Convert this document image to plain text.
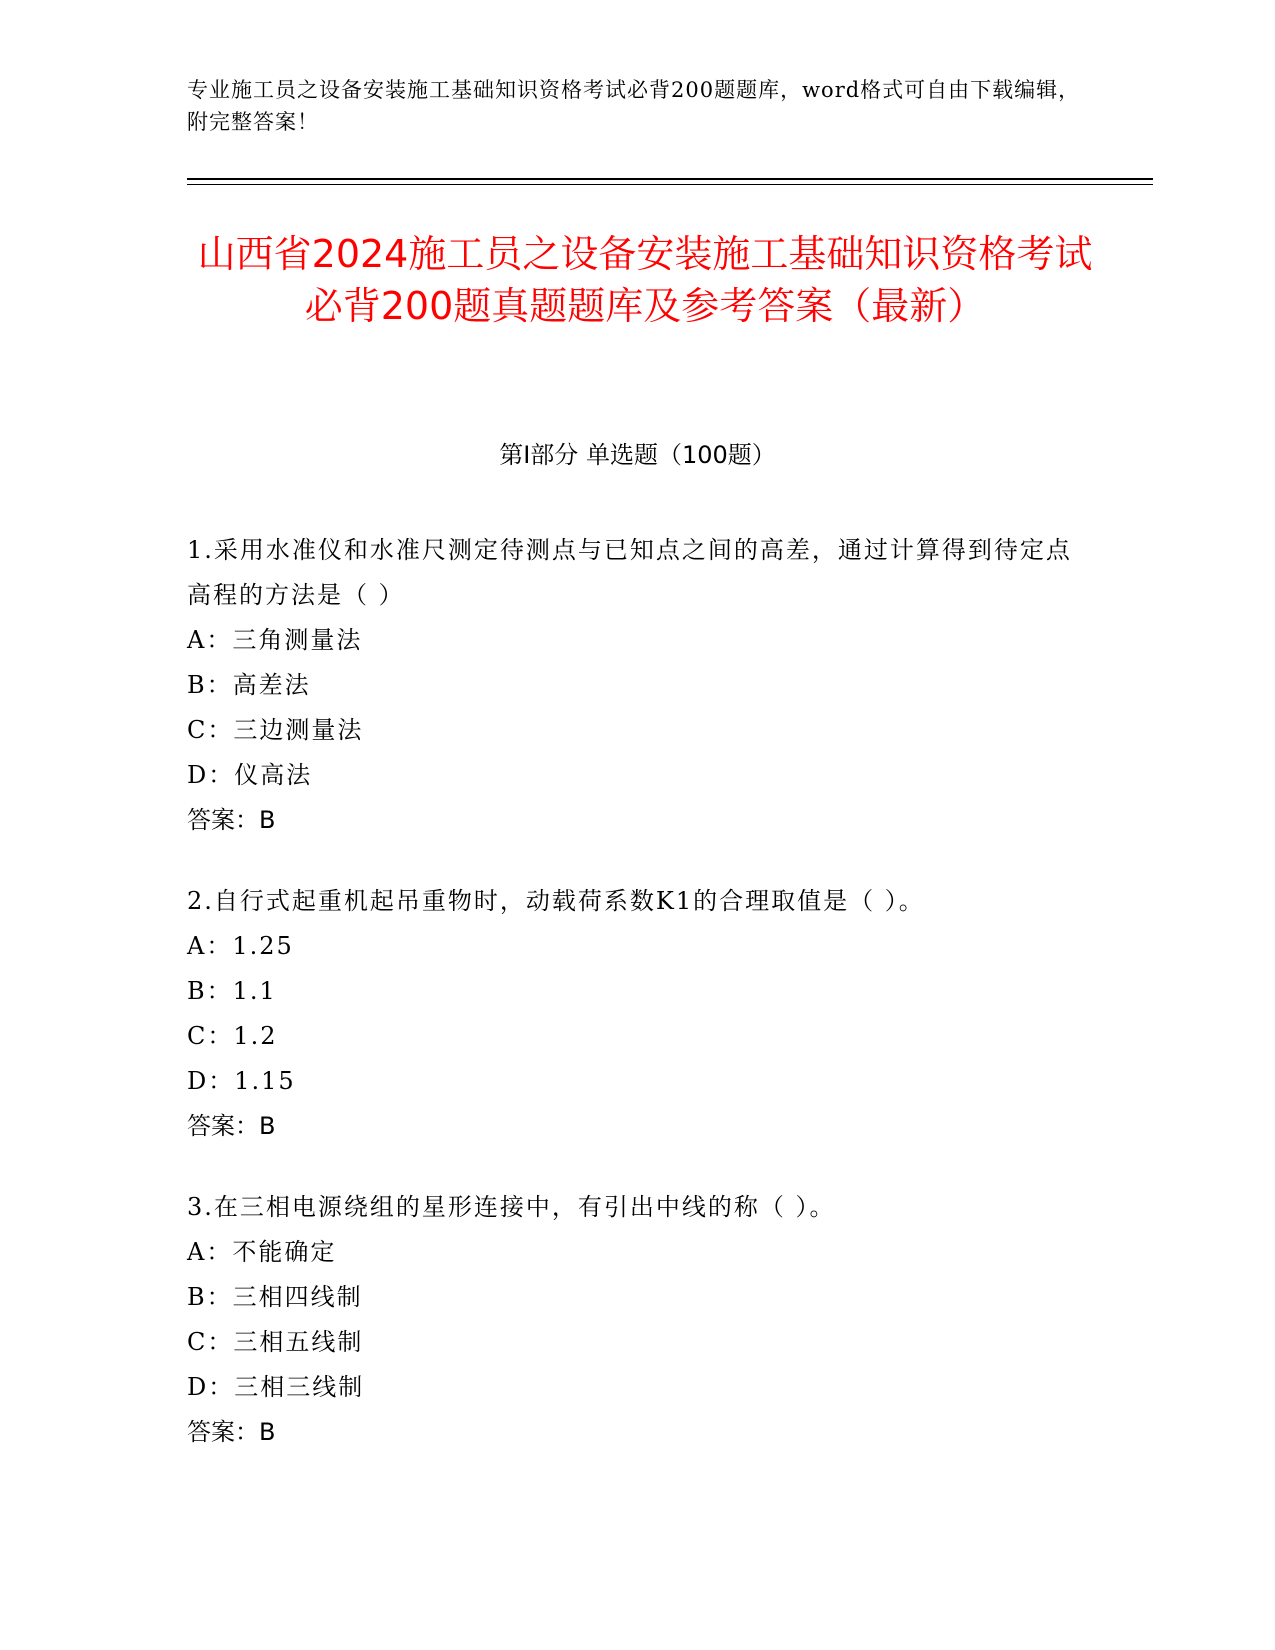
专业施工员之设备安装施工基础知识资格考试必背200题题库，word格式可自由下载编辑，附完整答案！
山西省2024施工员之设备安装施工基础知识资格考试必背200题真题题库及参考答案（最新）
第Ⅰ部分 单选题（100题）
1.采用水准仪和水准尺测定待测点与已知点之间的高差，通过计算得到待定点高程的方法是（ ）
A：三角测量法
B：高差法
C：三边测量法
D：仪高法
答案：B
2.自行式起重机起吊重物时，动载荷系数K1的合理取值是（ ）。
A：1.25
B：1.1
C：1.2
D：1.15
答案：B
3.在三相电源绕组的星形连接中，有引出中线的称（ ）。
A：不能确定
B：三相四线制
C：三相五线制
D：三相三线制
答案：B
